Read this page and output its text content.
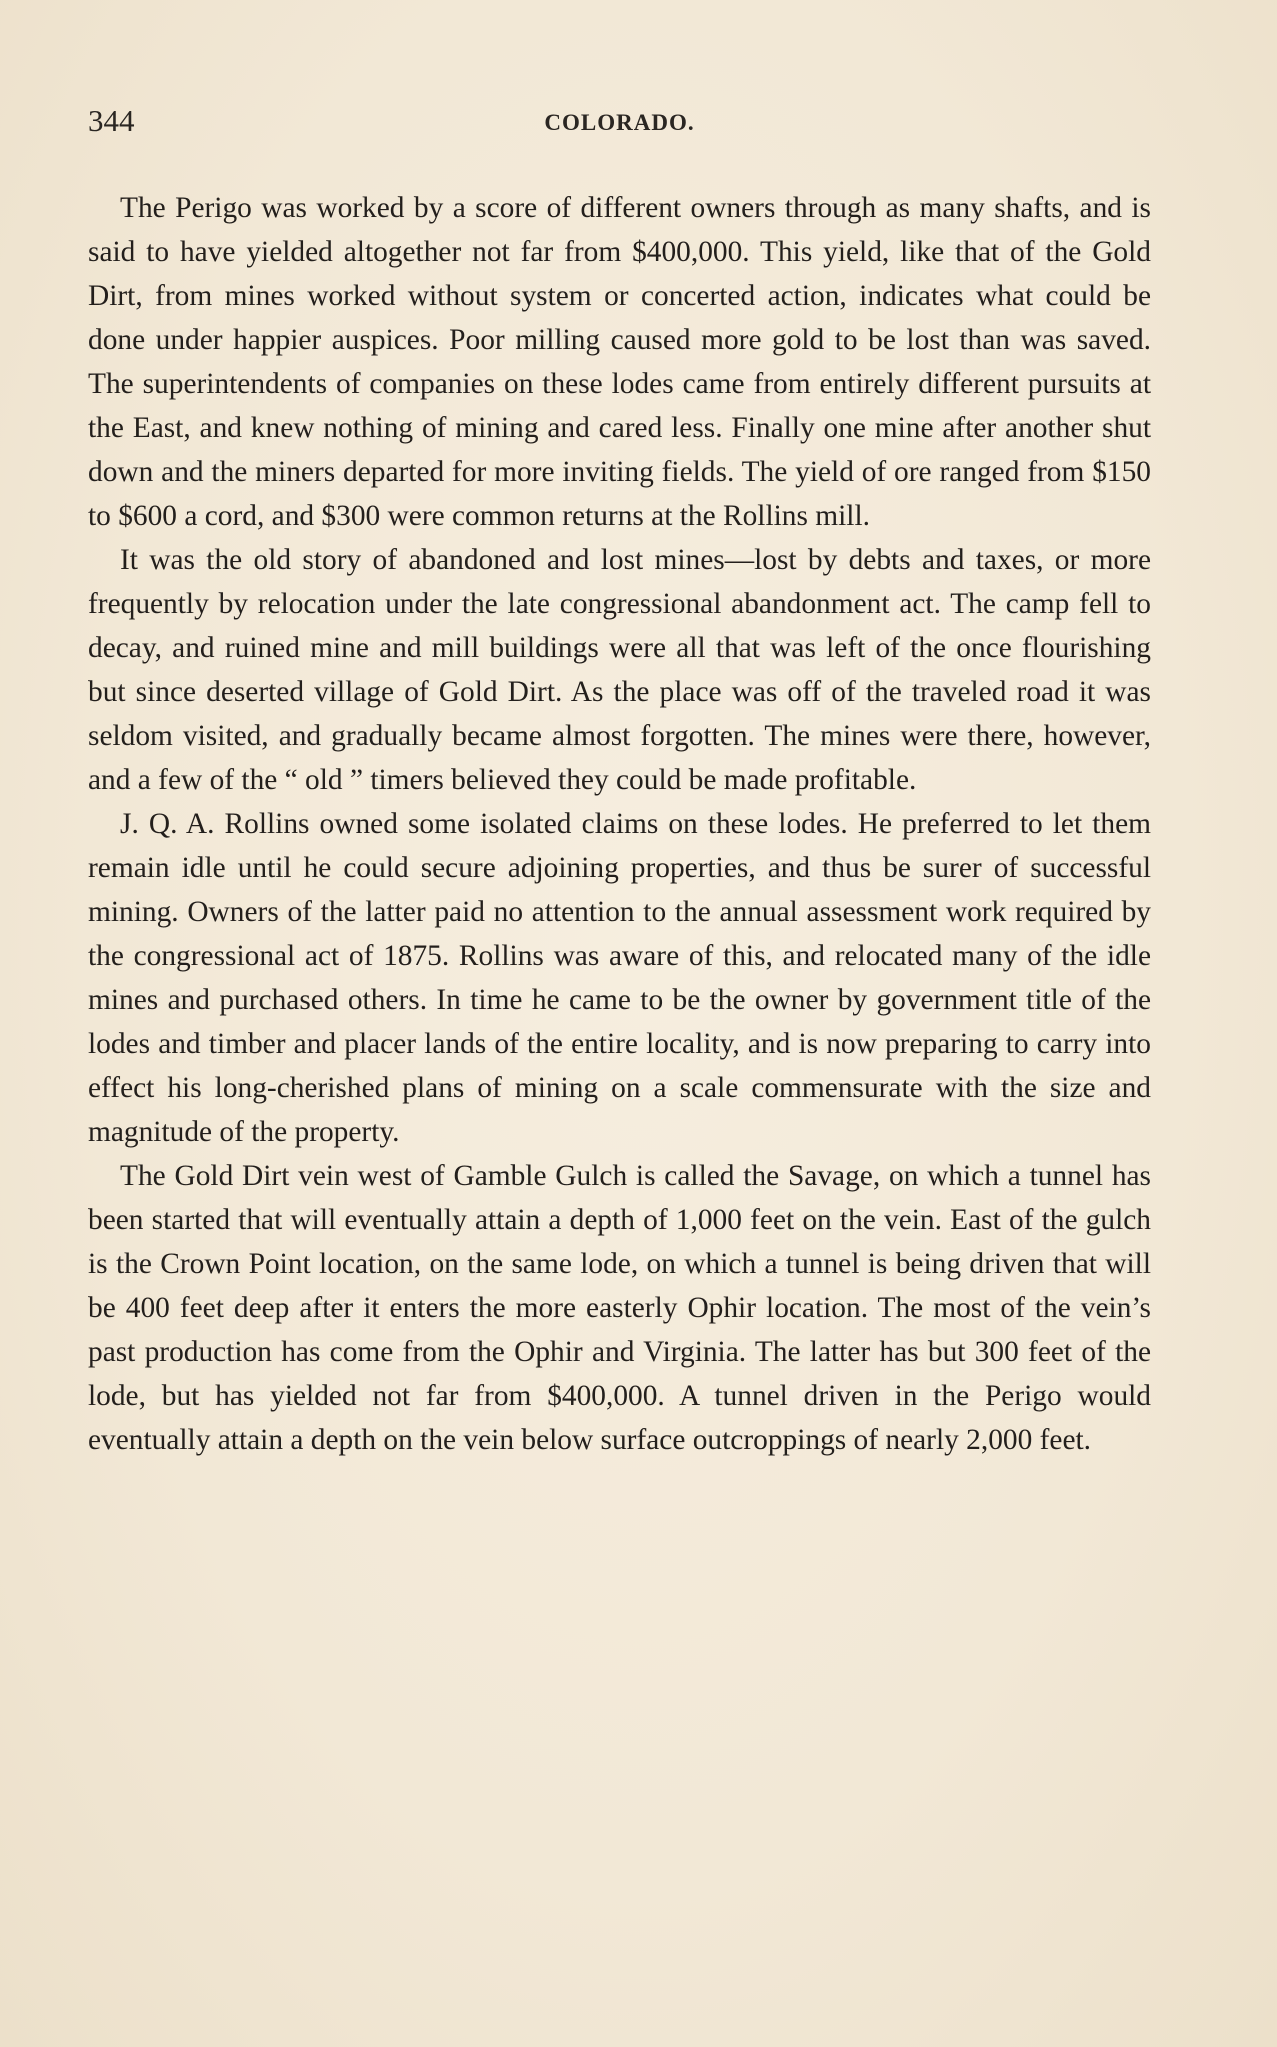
344	COLORADO.

The Perigo was worked by a score of different owners through as many shafts, and is said to have yielded altogether not far from $400,000. This yield, like that of the Gold Dirt, from mines worked without system or concerted action, indicates what could be done under happier auspices. Poor milling caused more gold to be lost than was saved. The superintendents of companies on these lodes came from entirely different pursuits at the East, and knew nothing of mining and cared less. Finally one mine after another shut down and the miners departed for more inviting fields. The yield of ore ranged from $150 to $600 a cord, and $300 were common returns at the Rollins mill.

It was the old story of abandoned and lost mines—lost by debts and taxes, or more frequently by relocation under the late congressional abandonment act. The camp fell to decay, and ruined mine and mill buildings were all that was left of the once flourishing but since deserted village of Gold Dirt. As the place was off of the traveled road it was seldom visited, and gradually became almost forgotten. The mines were there, however, and a few of the “ old ” timers believed they could be made profitable.

J. Q. A. Rollins owned some isolated claims on these lodes. He preferred to let them remain idle until he could secure adjoining properties, and thus be surer of successful mining. Owners of the latter paid no attention to the annual assessment work required by the congressional act of 1875. Rollins was aware of this, and relocated many of the idle mines and purchased others. In time he came to be the owner by government title of the lodes and timber and placer lands of the entire locality, and is now preparing to carry into effect his long-cherished plans of mining on a scale commensurate with the size and magnitude of the property.

The Gold Dirt vein west of Gamble Gulch is called the Savage, on which a tunnel has been started that will eventually attain a depth of 1,000 feet on the vein. East of the gulch is the Crown Point location, on the same lode, on which a tunnel is being driven that will be 400 feet deep after it enters the more easterly Ophir location. The most of the vein’s past production has come from the Ophir and Virginia. The latter has but 300 feet of the lode, but has yielded not far from $400,000. A tunnel driven in the Perigo would eventually attain a depth on the vein below surface outcroppings of nearly 2,000 feet.
